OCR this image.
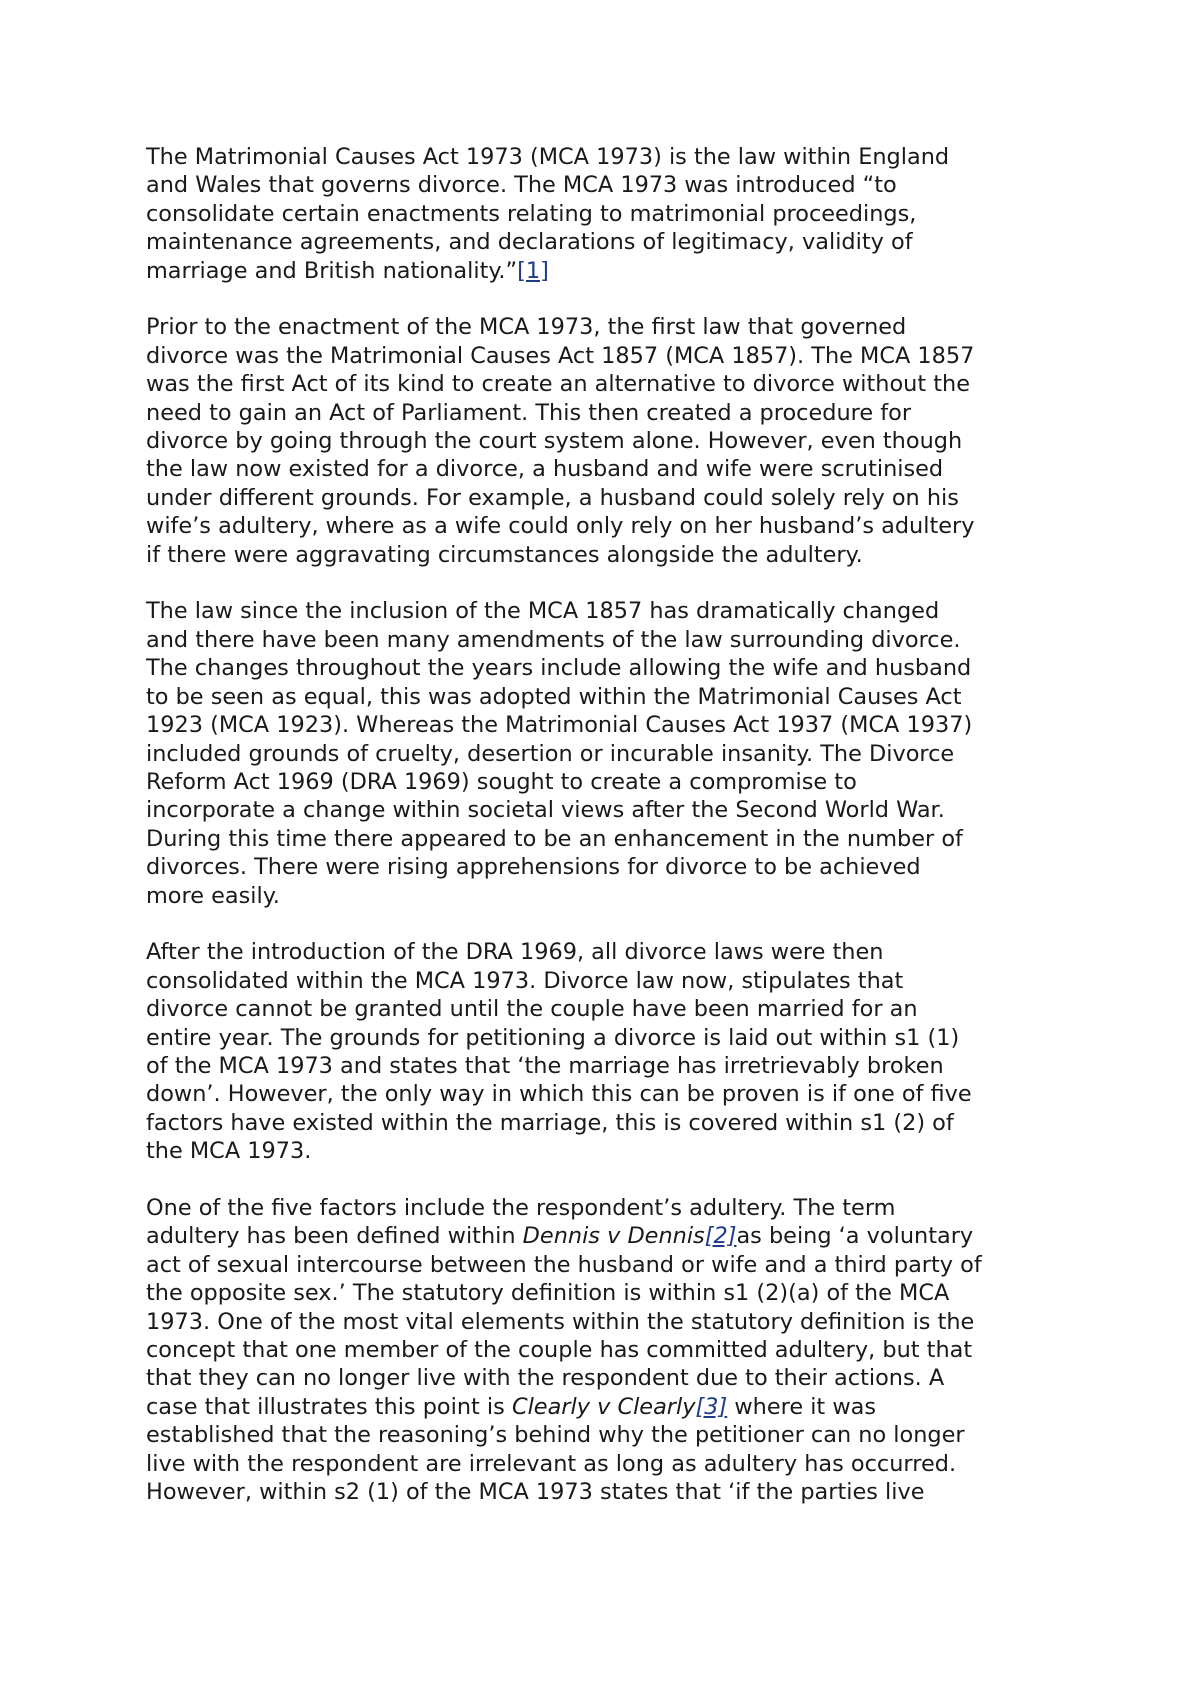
The Matrimonial Causes Act 1973 (MCA 1973) is the law within England
and Wales that governs divorce. The MCA 1973 was introduced “to
consolidate certain enactments relating to matrimonial proceedings,
maintenance agreements, and declarations of legitimacy, validity of
marriage and British nationality.”[1]

Prior to the enactment of the MCA 1973, the first law that governed
divorce was the Matrimonial Causes Act 1857 (MCA 1857). The MCA 1857
was the first Act of its kind to create an alternative to divorce without the
need to gain an Act of Parliament. This then created a procedure for
divorce by going through the court system alone. However, even though
the law now existed for a divorce, a husband and wife were scrutinised
under different grounds. For example, a husband could solely rely on his
wife’s adultery, where as a wife could only rely on her husband’s adultery
if there were aggravating circumstances alongside the adultery.

The law since the inclusion of the MCA 1857 has dramatically changed
and there have been many amendments of the law surrounding divorce.
The changes throughout the years include allowing the wife and husband
to be seen as equal, this was adopted within the Matrimonial Causes Act
1923 (MCA 1923). Whereas the Matrimonial Causes Act 1937 (MCA 1937)
included grounds of cruelty, desertion or incurable insanity. The Divorce
Reform Act 1969 (DRA 1969) sought to create a compromise to
incorporate a change within societal views after the Second World War.
During this time there appeared to be an enhancement in the number of
divorces. There were rising apprehensions for divorce to be achieved
more easily.

After the introduction of the DRA 1969, all divorce laws were then
consolidated within the MCA 1973. Divorce law now, stipulates that
divorce cannot be granted until the couple have been married for an
entire year. The grounds for petitioning a divorce is laid out within s1 (1)
of the MCA 1973 and states that ‘the marriage has irretrievably broken
down’. However, the only way in which this can be proven is if one of five
factors have existed within the marriage, this is covered within s1 (2) of
the MCA 1973.

One of the five factors include the respondent’s adultery. The term
adultery has been defined within Dennis v Dennis[2]as being ‘a voluntary
act of sexual intercourse between the husband or wife and a third party of
the opposite sex.’ The statutory definition is within s1 (2)(a) of the MCA
1973. One of the most vital elements within the statutory definition is the
concept that one member of the couple has committed adultery, but that
that they can no longer live with the respondent due to their actions. A
case that illustrates this point is Clearly v Clearly[3] where it was
established that the reasoning’s behind why the petitioner can no longer
live with the respondent are irrelevant as long as adultery has occurred.
However, within s2 (1) of the MCA 1973 states that ‘if the parties live
